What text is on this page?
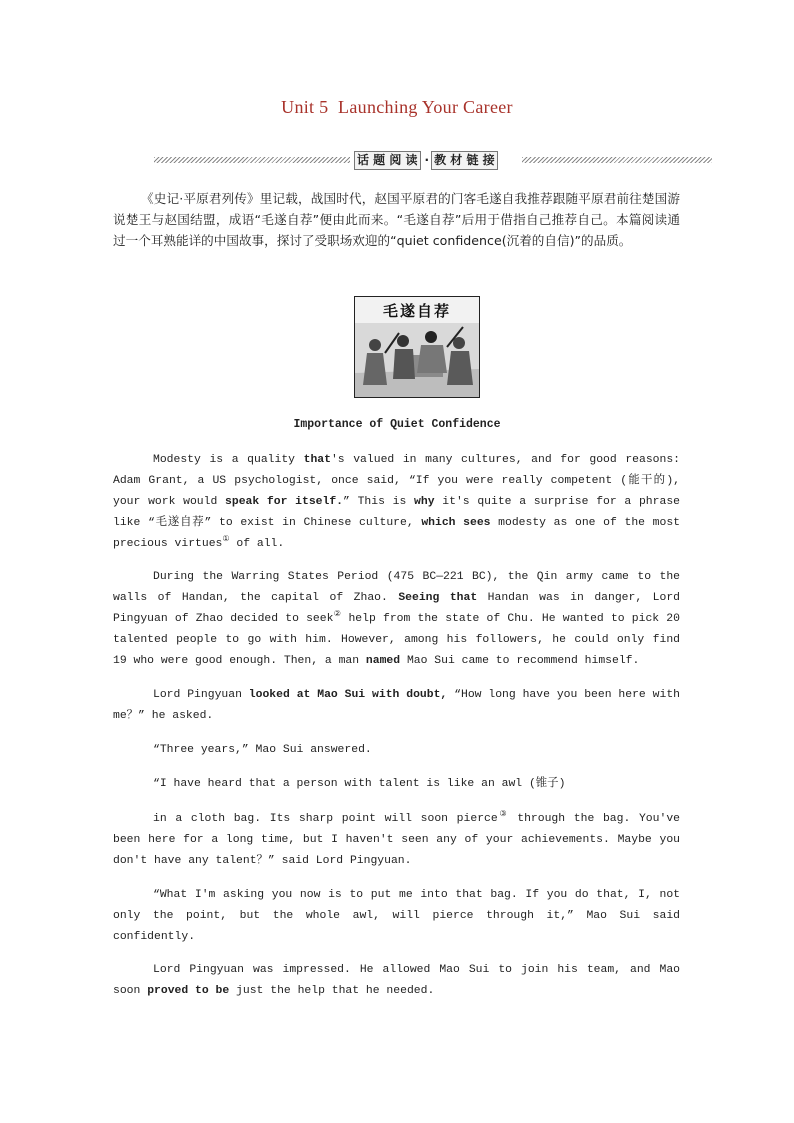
Unit 5  Launching Your Career
话 题 阅 读 · 教 材 链 接
《史记·平原君列传》里记载，战国时代，赵国平原君的门客毛遂自我推荐跟随平原君前往楚国游说楚王与赵国结盟，成语“毛遂自荐”便由此而来。“毛遂自荐”后用于借指自己推荐自己。本篇阅读通过一个耳熟能详的中国故事，探讨了受职场欢迎的“quiet confidence(沉着的自信)”的品质。
毛遂自荐
Importance of Quiet Confidence

Modesty is a quality that's valued in many cultures, and for good reasons: Adam Grant, a US psychologist, once said, “If you were really competent (能干的), your work would speak for itself.” This is why it's quite a surprise for a phrase like “毛遂自荐” to exist in Chinese culture, which sees modesty as one of the most precious virtues① of all.

During the Warring States Period (475 BC—221 BC), the Qin army came to the walls of Handan, the capital of Zhao. Seeing that Handan was in danger, Lord Pingyuan of Zhao decided to seek② help from the state of Chu. He wanted to pick 20 talented people to go with him. However, among his followers, he could only find 19 who were good enough. Then, a man named Mao Sui came to recommend himself.

Lord Pingyuan looked at Mao Sui with doubt, “How long have you been here with me？” he asked.

“Three years,” Mao Sui answered.

“I have heard that a person with talent is like an awl (锥子)

in a cloth bag. Its sharp point will soon pierce③ through the bag. You've been here for a long time, but I haven't seen any of your achievements. Maybe you don't have any talent？” said Lord Pingyuan.

“What I'm asking you now is to put me into that bag. If you do that, I, not only the point, but the whole awl, will pierce through it,” Mao Sui said confidently.

Lord Pingyuan was impressed. He allowed Mao Sui to join his team, and Mao soon proved to be just the help that he needed.
